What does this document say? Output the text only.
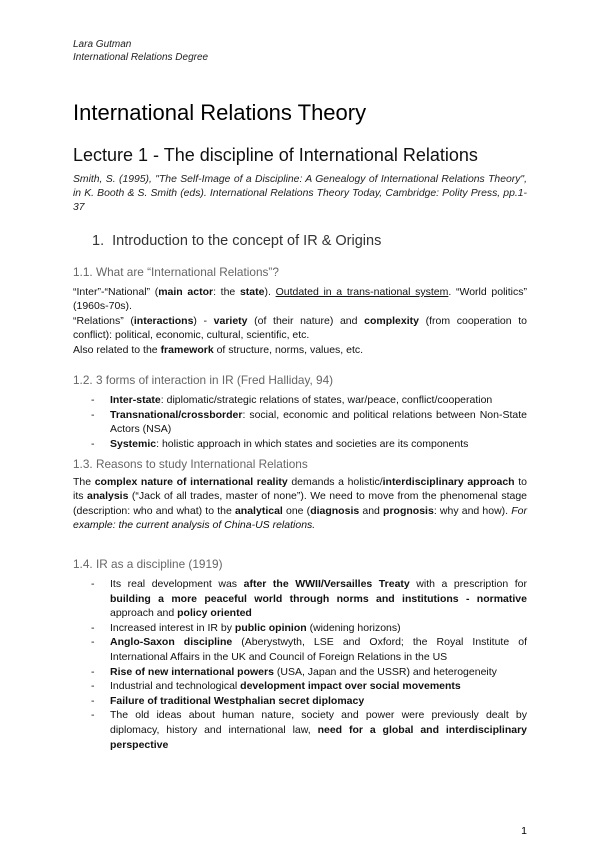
Lara Gutman
International Relations Degree
International Relations Theory
Lecture 1 - The discipline of International Relations
Smith, S. (1995), "The Self-Image of a Discipline: A Genealogy of International Relations Theory", in K. Booth & S. Smith (eds). International Relations Theory Today, Cambridge: Polity Press, pp.1-37
1. Introduction to the concept of IR & Origins
1.1. What are “International Relations”?

“Inter”-“National” (main actor: the state). Outdated in a trans-national system. “World politics” (1960s-70s).

“Relations” (interactions) - variety (of their nature) and complexity (from cooperation to conflict): political, economic, cultural, scientific, etc.

Also related to the framework of structure, norms, values, etc.

1.2. 3 forms of interaction in IR (Fred Halliday, 94)
- Inter-state: diplomatic/strategic relations of states, war/peace, conflict/cooperation
- Transnational/crossborder: social, economic and political relations between Non-State Actors (NSA)
- Systemic: holistic approach in which states and societies are its components
1.3. Reasons to study International Relations

The complex nature of international reality demands a holistic/interdisciplinary approach to its analysis (“Jack of all trades, master of none”). We need to move from the phenomenal stage (description: who and what) to the analytical one (diagnosis and prognosis: why and how). For example: the current analysis of China-US relations.

1.4. IR as a discipline (1919)
- Its real development was after the WWII/Versailles Treaty with a prescription for building a more peaceful world through norms and institutions - normative approach and policy oriented
- Increased interest in IR by public opinion (widening horizons)
- Anglo-Saxon discipline (Aberystwyth, LSE and Oxford; the Royal Institute of International Affairs in the UK and Council of Foreign Relations in the US
- Rise of new international powers (USA, Japan and the USSR) and heterogeneity
- Industrial and technological development impact over social movements
- Failure of traditional Westphalian secret diplomacy
- The old ideas about human nature, society and power were previously dealt by diplomacy, history and international law, need for a global and interdisciplinary perspective
1
